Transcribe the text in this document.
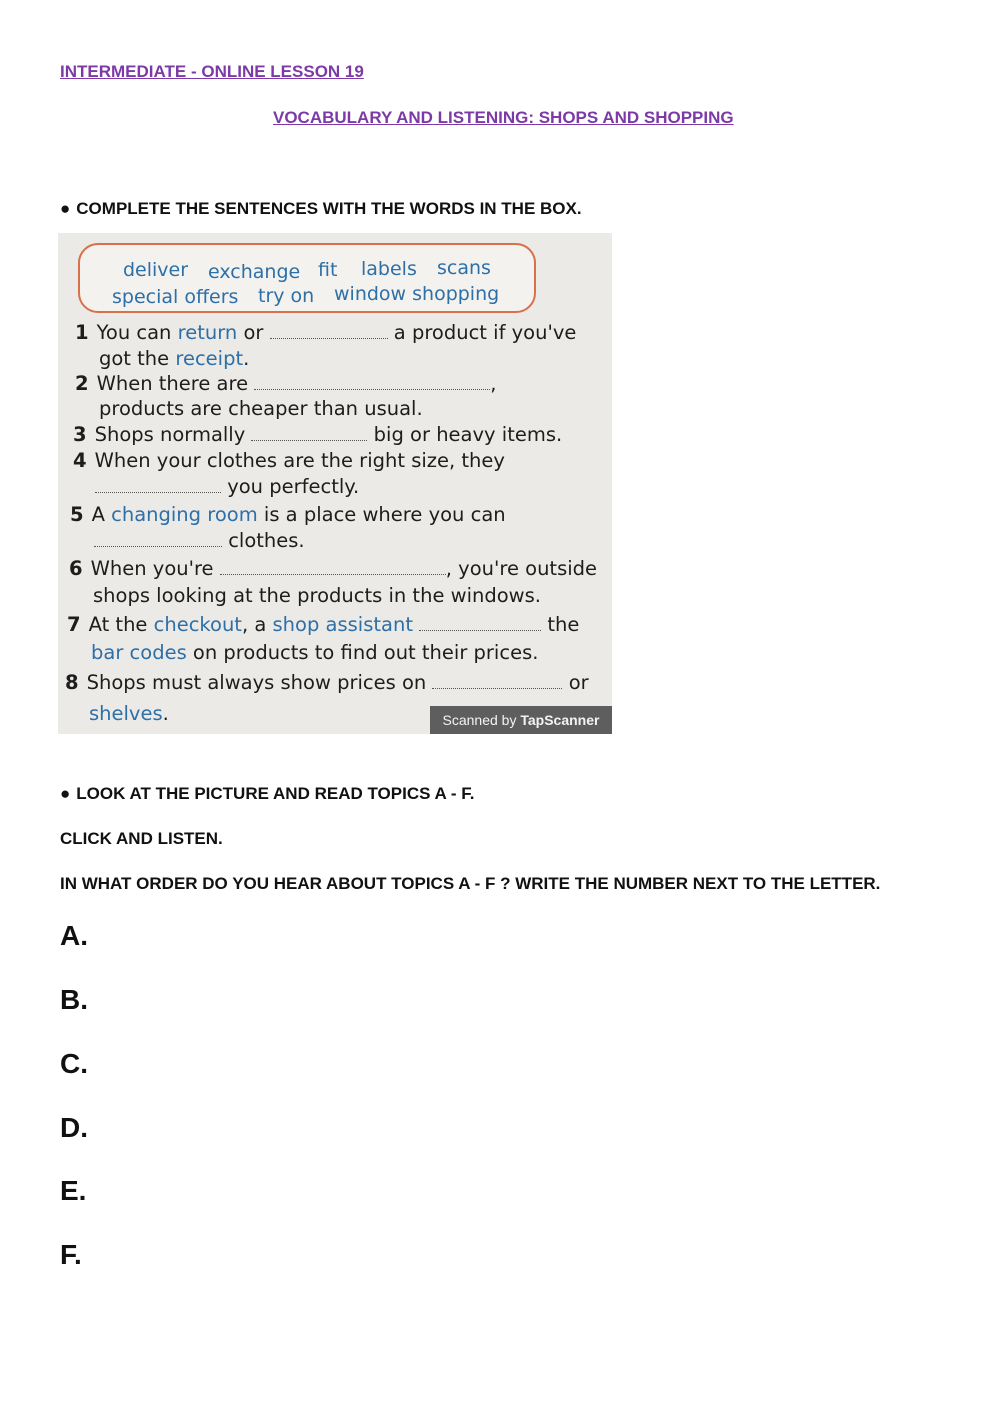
INTERMEDIATE - ONLINE LESSON 19
VOCABULARY AND LISTENING: SHOPS AND SHOPPING
● COMPLETE THE SENTENCES WITH THE WORDS IN THE BOX.
deliver exchange fit labels scans
special offers try on window shopping
1 You can return or	a product if you've
got the receipt.
2 When there are	,
products are cheaper than usual.
3 Shops normally	big or heavy items.
4 When your clothes are the right size, they
you perfectly.
5 A changing room is a place where you can
clothes.
6 When you're	, you're outside
shops looking at the products in the windows.
7 At the checkout, a shop assistant	the
bar codes on products to find out their prices.
8 Shops must always show prices on	or
shelves.	Scanned by TapScanner
● LOOK AT THE PICTURE AND READ TOPICS A - F.
CLICK AND LISTEN.
IN WHAT ORDER DO YOU HEAR ABOUT TOPICS A - F ? WRITE THE NUMBER NEXT TO THE LETTER.
A.
B.
C.
D.
E.
F.
